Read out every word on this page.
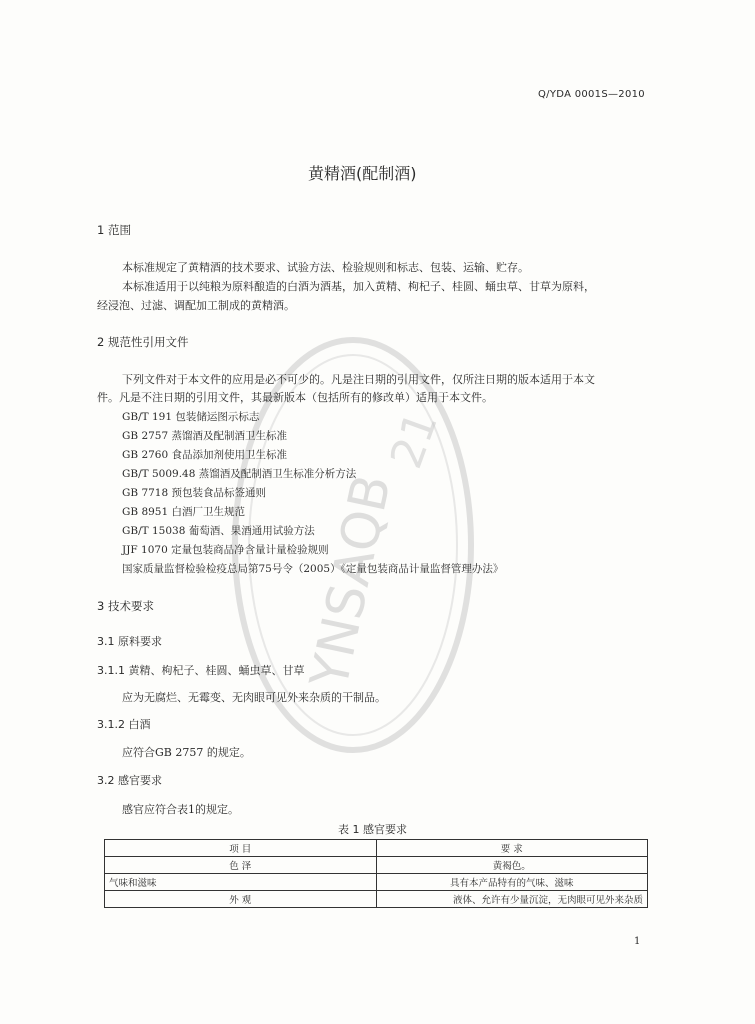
YNSAQB
21
Q/YDA 0001S—2010
黄精酒(配制酒)
1 范围
本标准规定了黄精酒的技术要求、试验方法、检验规则和标志、包装、运输、贮存。
本标准适用于以纯粮为原料酿造的白酒为酒基，加入黄精、枸杞子、桂圆、蛹虫草、甘草为原料，
经浸泡、过滤、调配加工制成的黄精酒。
2 规范性引用文件
下列文件对于本文件的应用是必不可少的。凡是注日期的引用文件，仅所注日期的版本适用于本文
件。凡是不注日期的引用文件，其最新版本（包括所有的修改单）适用于本文件。
GB/T 191 包装储运图示标志
GB 2757 蒸馏酒及配制酒卫生标准
GB 2760 食品添加剂使用卫生标准
GB/T 5009.48 蒸馏酒及配制酒卫生标准分析方法
GB 7718 预包装食品标签通则
GB 8951 白酒厂卫生规范
GB/T 15038 葡萄酒、果酒通用试验方法
JJF 1070 定量包装商品净含量计量检验规则
国家质量监督检验检疫总局第75号令（2005）《定量包装商品计量监督管理办法》
3 技术要求
3.1 原料要求
3.1.1 黄精、枸杞子、桂圆、蛹虫草、甘草
应为无腐烂、无霉变、无肉眼可见外来杂质的干制品。
3.1.2 白酒
应符合GB 2757 的规定。
3.2 感官要求
感官应符合表1的规定。
表 1 感官要求
项 目	要 求
色 泽	黄褐色。
气味和滋味	具有本产品特有的气味、滋味
外 观	液体、允许有少量沉淀，无肉眼可见外来杂质
1
